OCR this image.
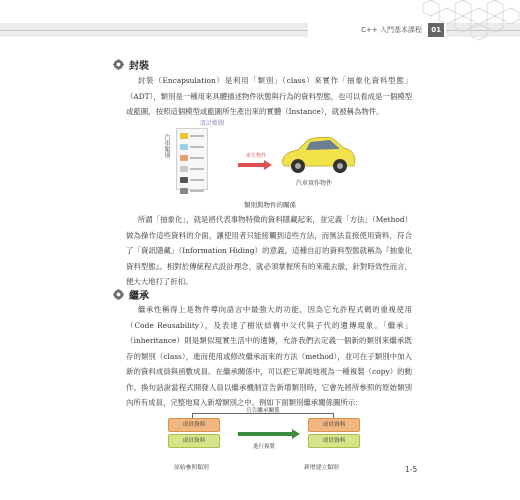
C++ 入門基本課程 01
封裝

封裝（Encapsulation）是利用「類別」（class）來實作「抽象化資料型態」（ADT），類別是一種用來具體描述物件狀態與行為的資料型態，也可以看成是一個模型或藍圖，按照這個模型或藍圖所生產出來的實體（Instance），就被稱為物件。

設計藍圖
汽車類別	產生物件
汽車實作物件
類別與物件的關係

所謂「抽象化」，就是將代表事物特徵的資料隱藏起來，並定義「方法」（Method）做為操作這些資料的介面，讓使用者只能接觸到這些方法，而無法直接使用資料，符合了「資訊隱藏」（Information Hiding）的意義，這種自訂的資料型態就稱為『抽象化資料型態』。相對於傳統程式設計理念，就必須掌握所有的來龍去脈，針對時效性而言，便大大地打了折扣。

繼承

繼承性稱得上是物件導向語言中最強大的功能，因為它允許程式碼的重複使用（Code Reusability），及表達了樹狀結構中父代與子代的遺傳現象。「繼承」（inheritance）則是類似現實生活中的遺傳，允許我們去定義一個新的類別來繼承既存的類別（class），進而使用或修改繼承而來的方法（method），並可在子類別中加入新的資料成員與函數成員。在繼承關係中，可以把它單純地視為一種複製（copy）的動作。換句話說當程式開發人員以繼承機制宣告新增類別時，它會先將所參照的原始類別內所有成員，完整地寫入新增類別之中。例如下面類別繼承關係圖所示：

宣告繼承關係
成員資料
成員資料
成員資料
成員資料
進行複製
原始參照類別	新增建立類別	1-5
